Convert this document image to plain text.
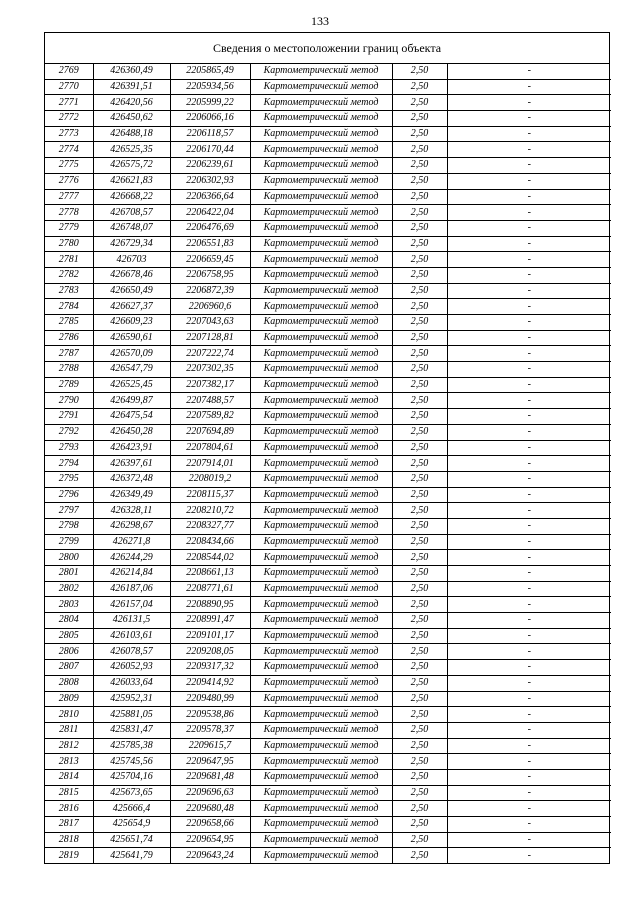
133
Сведения о местоположении границ объекта
2769	426360,49	2205865,49	Картометрический метод	2,50	-
2770	426391,51	2205934,56	Картометрический метод	2,50	-
2771	426420,56	2205999,22	Картометрический метод	2,50	-
2772	426450,62	2206066,16	Картометрический метод	2,50	-
2773	426488,18	2206118,57	Картометрический метод	2,50	-
2774	426525,35	2206170,44	Картометрический метод	2,50	-
2775	426575,72	2206239,61	Картометрический метод	2,50	-
2776	426621,83	2206302,93	Картометрический метод	2,50	-
2777	426668,22	2206366,64	Картометрический метод	2,50	-
2778	426708,57	2206422,04	Картометрический метод	2,50	-
2779	426748,07	2206476,69	Картометрический метод	2,50	-
2780	426729,34	2206551,83	Картометрический метод	2,50	-
2781	426703	2206659,45	Картометрический метод	2,50	-
2782	426678,46	2206758,95	Картометрический метод	2,50	-
2783	426650,49	2206872,39	Картометрический метод	2,50	-
2784	426627,37	2206960,6	Картометрический метод	2,50	-
2785	426609,23	2207043,63	Картометрический метод	2,50	-
2786	426590,61	2207128,81	Картометрический метод	2,50	-
2787	426570,09	2207222,74	Картометрический метод	2,50	-
2788	426547,79	2207302,35	Картометрический метод	2,50	-
2789	426525,45	2207382,17	Картометрический метод	2,50	-
2790	426499,87	2207488,57	Картометрический метод	2,50	-
2791	426475,54	2207589,82	Картометрический метод	2,50	-
2792	426450,28	2207694,89	Картометрический метод	2,50	-
2793	426423,91	2207804,61	Картометрический метод	2,50	-
2794	426397,61	2207914,01	Картометрический метод	2,50	-
2795	426372,48	2208019,2	Картометрический метод	2,50	-
2796	426349,49	2208115,37	Картометрический метод	2,50	-
2797	426328,11	2208210,72	Картометрический метод	2,50	-
2798	426298,67	2208327,77	Картометрический метод	2,50	-
2799	426271,8	2208434,66	Картометрический метод	2,50	-
2800	426244,29	2208544,02	Картометрический метод	2,50	-
2801	426214,84	2208661,13	Картометрический метод	2,50	-
2802	426187,06	2208771,61	Картометрический метод	2,50	-
2803	426157,04	2208890,95	Картометрический метод	2,50	-
2804	426131,5	2208991,47	Картометрический метод	2,50	-
2805	426103,61	2209101,17	Картометрический метод	2,50	-
2806	426078,57	2209208,05	Картометрический метод	2,50	-
2807	426052,93	2209317,32	Картометрический метод	2,50	-
2808	426033,64	2209414,92	Картометрический метод	2,50	-
2809	425952,31	2209480,99	Картометрический метод	2,50	-
2810	425881,05	2209538,86	Картометрический метод	2,50	-
2811	425831,47	2209578,37	Картометрический метод	2,50	-
2812	425785,38	2209615,7	Картометрический метод	2,50	-
2813	425745,56	2209647,95	Картометрический метод	2,50	-
2814	425704,16	2209681,48	Картометрический метод	2,50	-
2815	425673,65	2209696,63	Картометрический метод	2,50	-
2816	425666,4	2209680,48	Картометрический метод	2,50	-
2817	425654,9	2209658,66	Картометрический метод	2,50	-
2818	425651,74	2209654,95	Картометрический метод	2,50	-
2819	425641,79	2209643,24	Картометрический метод	2,50	-
